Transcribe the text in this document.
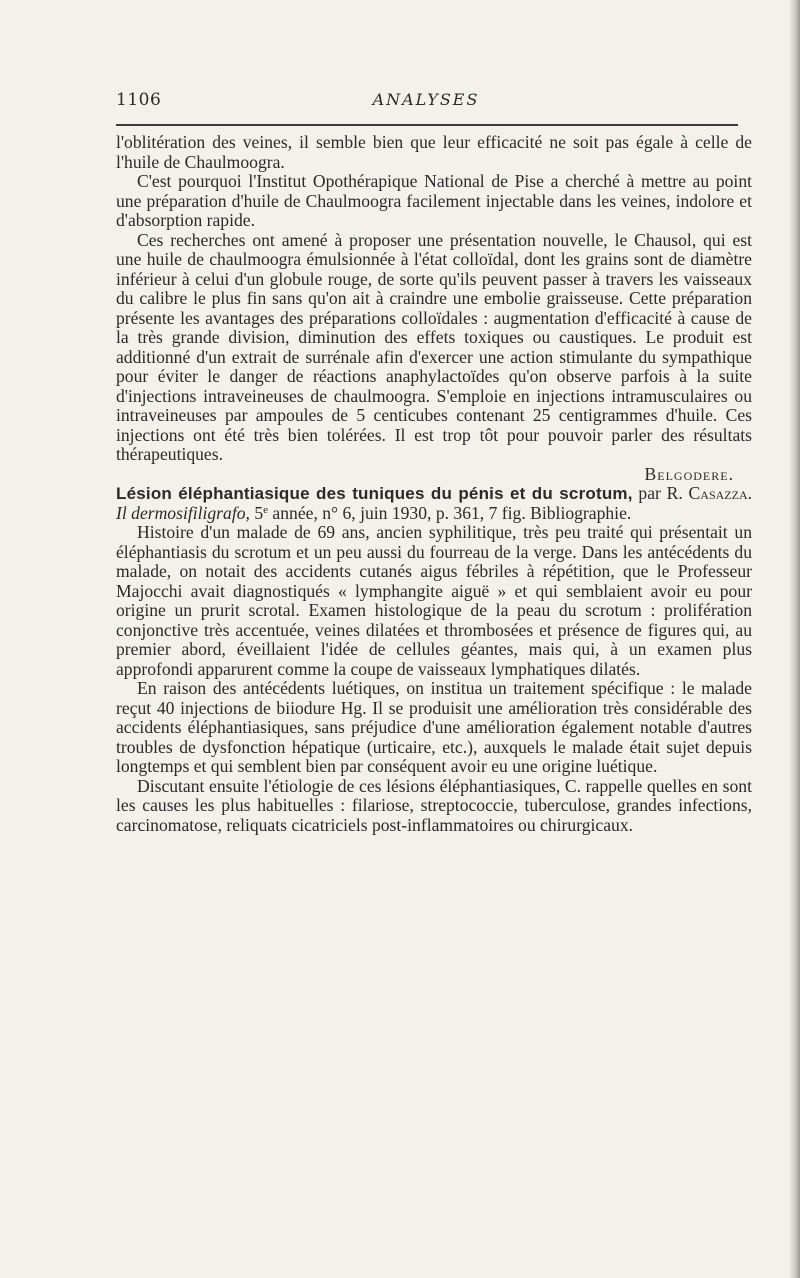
1106	ANALYSES

l'oblitération des veines, il semble bien que leur efficacité ne soit pas égale à celle de l'huile de Chaulmoogra.

C'est pourquoi l'Institut Opothérapique National de Pise a cherché à mettre au point une préparation d'huile de Chaulmoogra facilement injectable dans les veines, indolore et d'absorption rapide.

Ces recherches ont amené à proposer une présentation nouvelle, le Chausol, qui est une huile de chaulmoogra émulsionnée à l'état colloïdal, dont les grains sont de diamètre inférieur à celui d'un globule rouge, de sorte qu'ils peuvent passer à travers les vaisseaux du calibre le plus fin sans qu'on ait à craindre une embolie graisseuse. Cette préparation présente les avantages des préparations colloïdales : augmentation d'efficacité à cause de la très grande division, diminution des effets toxiques ou caustiques. Le produit est additionné d'un extrait de surrénale afin d'exercer une action stimulante du sympathique pour éviter le danger de réactions anaphylactoïdes qu'on observe parfois à la suite d'injections intraveineuses de chaulmoogra. S'emploie en injections intramusculaires ou intraveineuses par ampoules de 5 centicubes contenant 25 centigrammes d'huile. Ces injections ont été très bien tolérées. Il est trop tôt pour pouvoir parler des résultats thérapeutiques.

Belgodere.

Lésion éléphantiasique des tuniques du pénis et du scrotum, par R. Casazza. Il dermosifiligrafo, 5e année, n° 6, juin 1930, p. 361, 7 fig. Bibliographie.

Histoire d'un malade de 69 ans, ancien syphilitique, très peu traité qui présentait un éléphantiasis du scrotum et un peu aussi du fourreau de la verge. Dans les antécédents du malade, on notait des accidents cutanés aigus fébriles à répétition, que le Professeur Majocchi avait diagnostiqués « lymphangite aiguë » et qui semblaient avoir eu pour origine un prurit scrotal. Examen histologique de la peau du scrotum : prolifération conjonctive très accentuée, veines dilatées et thrombosées et présence de figures qui, au premier abord, éveillaient l'idée de cellules géantes, mais qui, à un examen plus approfondi apparurent comme la coupe de vaisseaux lymphatiques dilatés.

En raison des antécédents luétiques, on institua un traitement spécifique : le malade reçut 40 injections de biiodure Hg. Il se produisit une amélioration très considérable des accidents éléphantiasiques, sans préjudice d'une amélioration également notable d'autres troubles de dysfonction hépatique (urticaire, etc.), auxquels le malade était sujet depuis longtemps et qui semblent bien par conséquent avoir eu une origine luétique.

Discutant ensuite l'étiologie de ces lésions éléphantiasiques, C. rappelle quelles en sont les causes les plus habituelles : filariose, streptococcie, tuberculose, grandes infections, carcinomatose, reliquats cicatriciels post-inflammatoires ou chirurgicaux.
